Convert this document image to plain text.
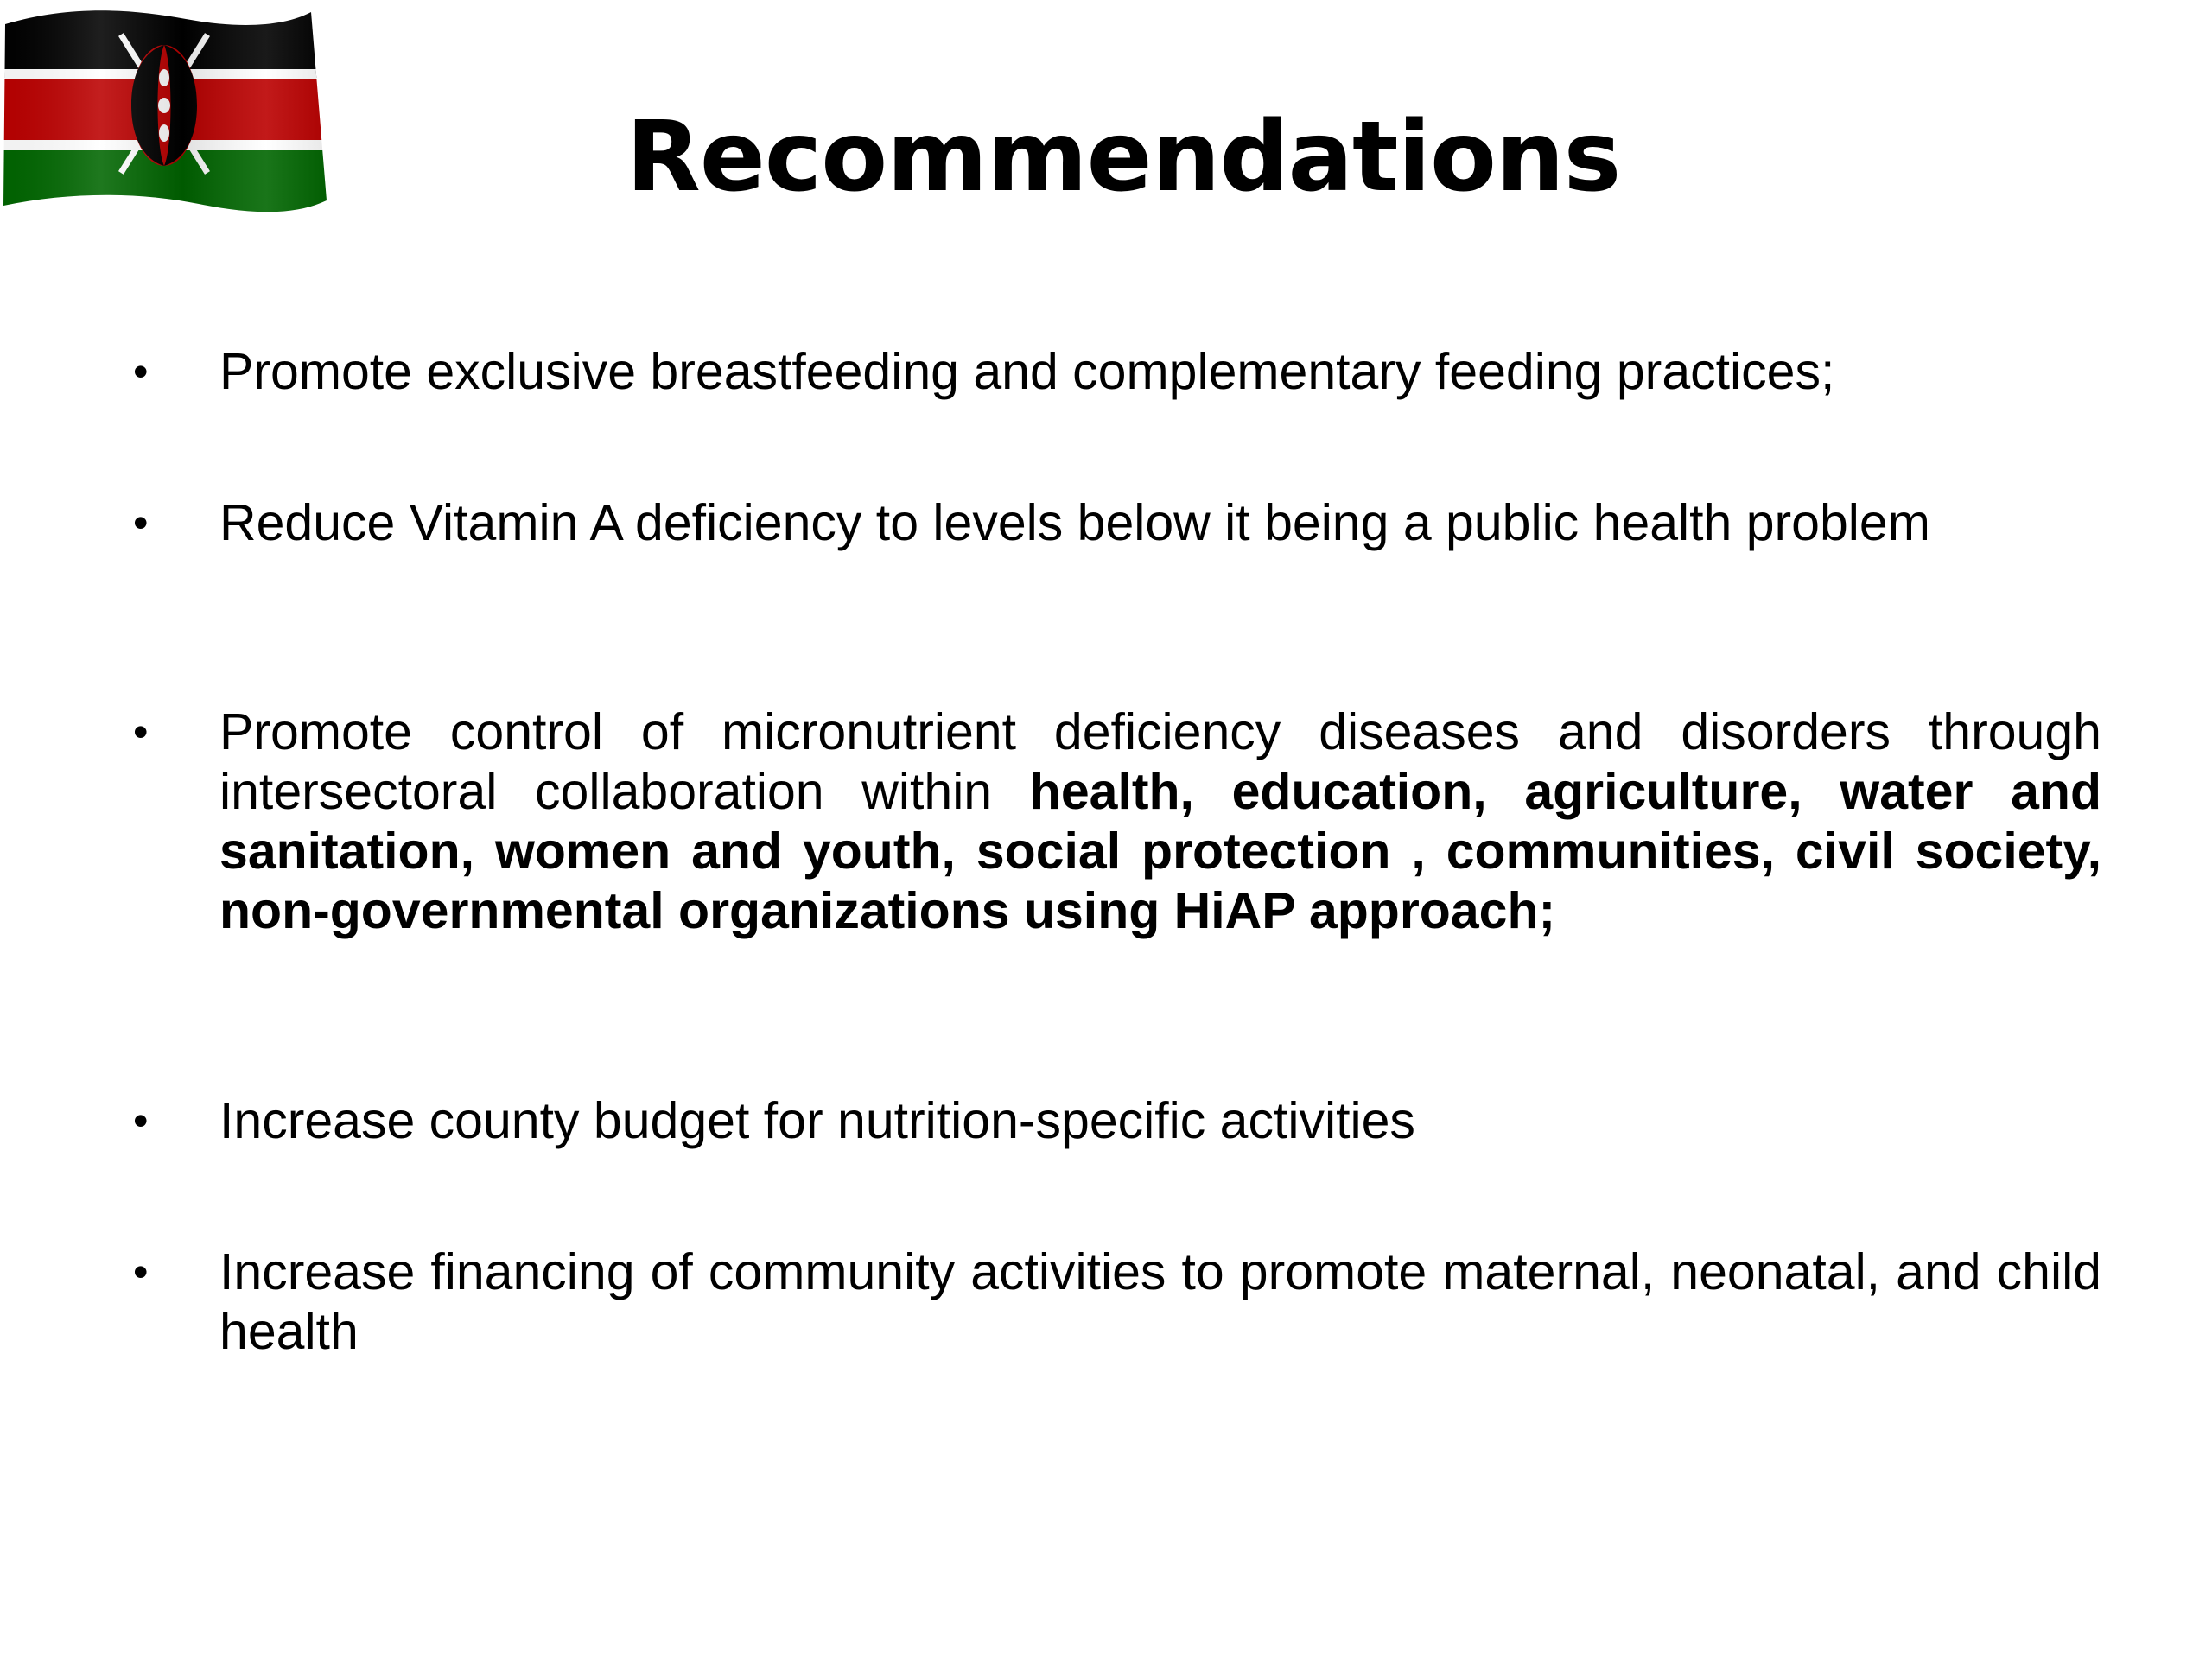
Recommendations
•	Promote exclusive breastfeeding and complementary feeding practices;
•	Reduce Vitamin A deficiency to levels below it being a public health problem
•	Promote control of micronutrient deficiency diseases and disorders through intersectoral collaboration within health, education, agriculture, water and sanitation, women and youth, social protection , communities, civil society, non-governmental organizations using HiAP approach;
•	Increase county budget for nutrition-specific activities
•	Increase financing of community activities to promote maternal, neonatal, and child health
